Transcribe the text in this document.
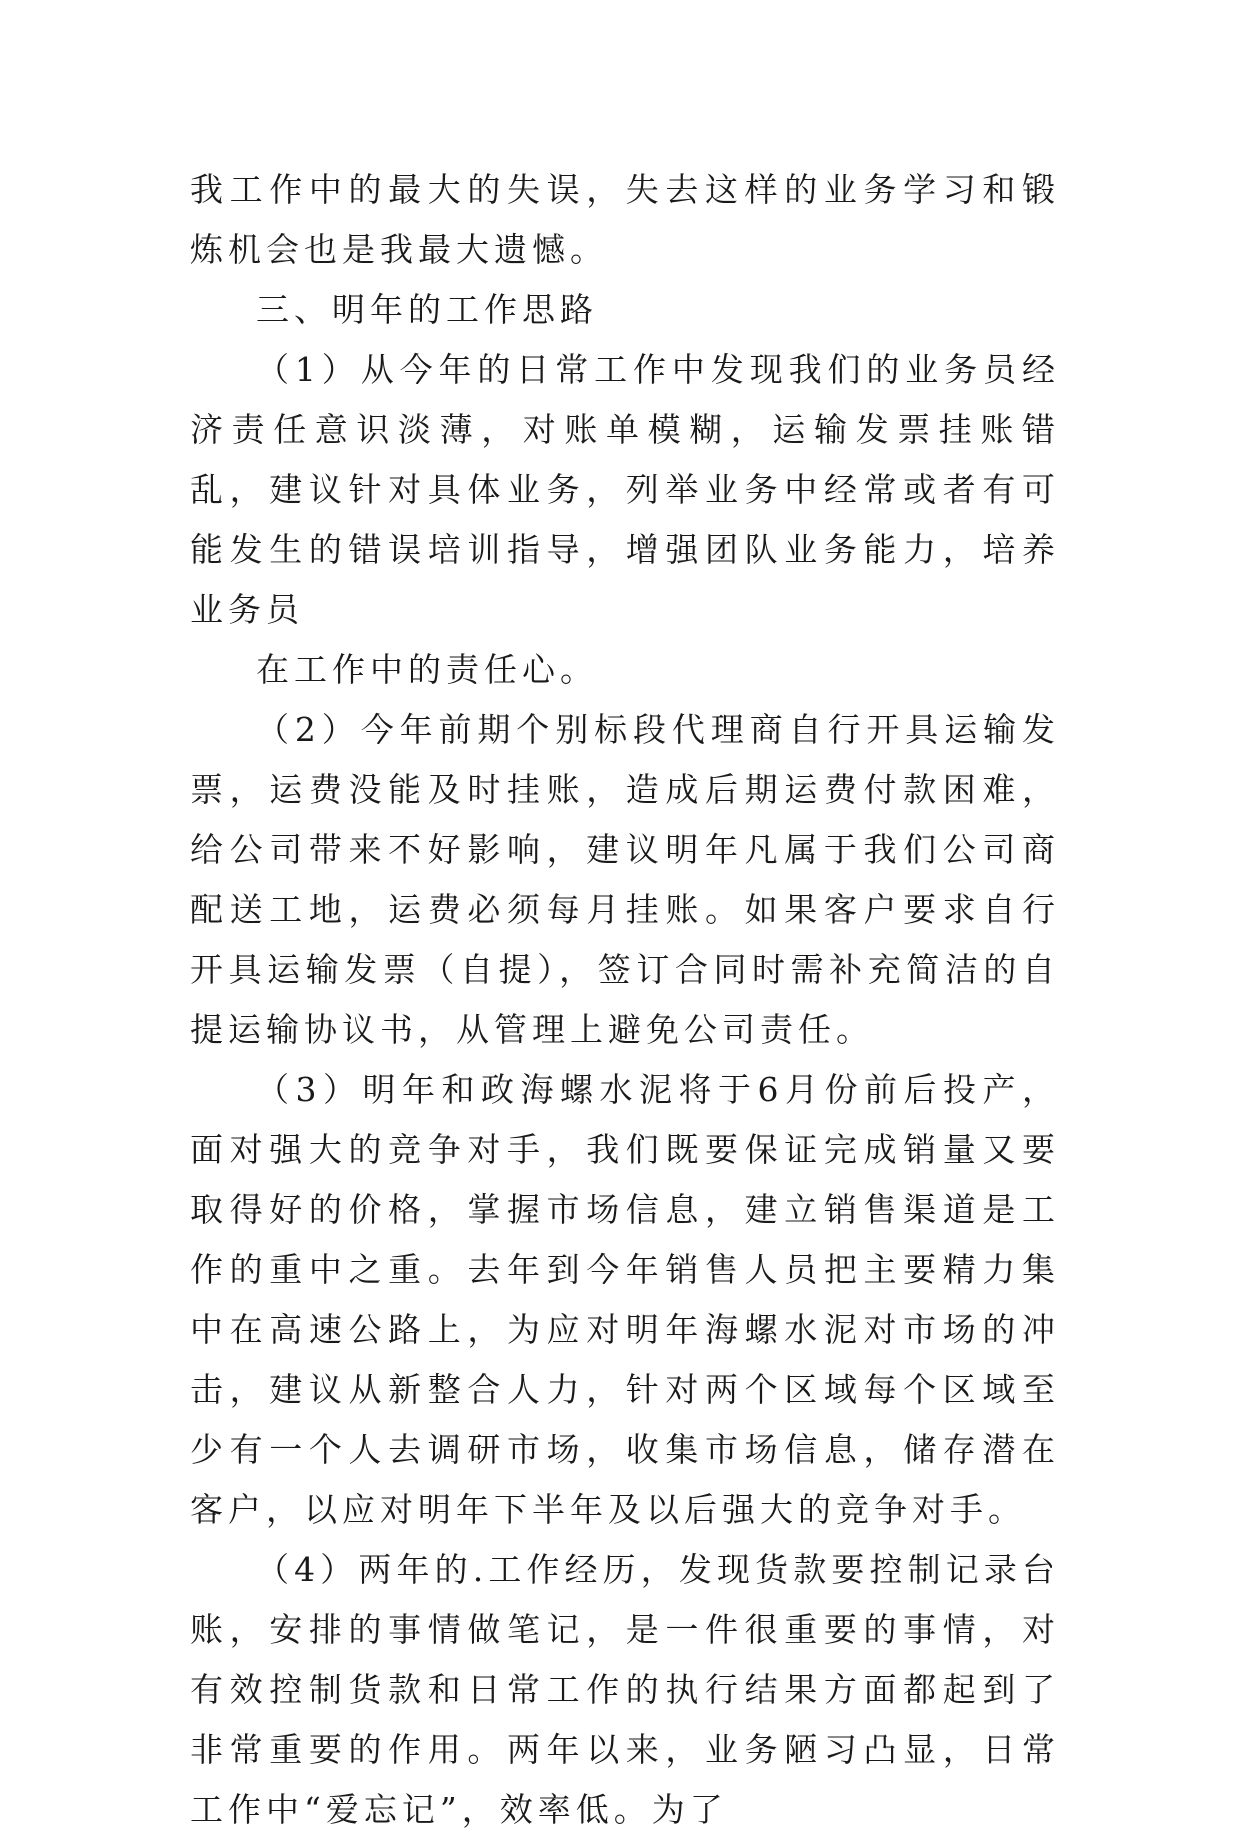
我工作中的最大的失误，失去这样的业务学习和锻炼机会也是我最大遗憾。

三、明年的工作思路

（1）从今年的日常工作中发现我们的业务员经济责任意识淡薄，对账单模糊，运输发票挂账错乱，建议针对具体业务，列举业务中经常或者有可能发生的错误培训指导，增强团队业务能力，培养业务员

在工作中的责任心。

（2）今年前期个别标段代理商自行开具运输发票，运费没能及时挂账，造成后期运费付款困难，给公司带来不好影响，建议明年凡属于我们公司商配送工地，运费必须每月挂账。如果客户要求自行开具运输发票（自提），签订合同时需补充简洁的自提运输协议书，从管理上避免公司责任。

（3）明年和政海螺水泥将于6月份前后投产，面对强大的竞争对手，我们既要保证完成销量又要取得好的价格，掌握市场信息，建立销售渠道是工作的重中之重。去年到今年销售人员把主要精力集中在高速公路上，为应对明年海螺水泥对市场的冲击，建议从新整合人力，针对两个区域每个区域至少有一个人去调研市场，收集市场信息，储存潜在客户，以应对明年下半年及以后强大的竞争对手。

（4）两年的.工作经历，发现货款要控制记录台账，安排的事情做笔记，是一件很重要的事情，对有效控制货款和日常工作的执行结果方面都起到了非常重要的作用。两年以来，业务陋习凸显，日常工作中“爱忘记”，效率低。为了
